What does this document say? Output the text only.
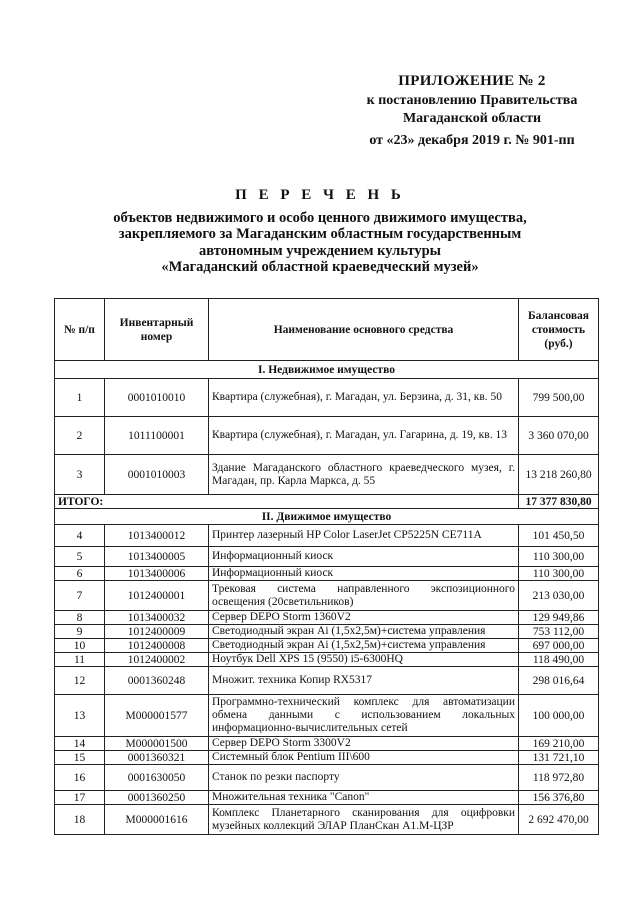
ПРИЛОЖЕНИЕ № 2
к постановлению Правительства
Магаданской области
от «23» декабря 2019 г. № 901-пп
П Е Р Е Ч Е Н Ь
объектов недвижимого и особо ценного движимого имущества,
закрепляемого за Магаданским областным государственным
автономным учреждением культуры
«Магаданский областной краеведческий музей»
№ п/п	Инвентарный номер	Наименование основного средства	Балансовая стоимость (руб.)
I. Недвижимое имущество			
1	0001010010	Квартира (служебная), г. Магадан, ул. Берзина, д. 31, кв. 50	799 500,00
2	1011100001	Квартира (служебная), г. Магадан, ул. Гагарина, д. 19, кв. 13	3 360 070,00
3	0001010003	Здание Магаданского областного краеведческого музея, г. Магадан, пр. Карла Маркса, д. 55	13 218 260,80
ИТОГО:			17 377 830,80
II. Движимое имущество			
4	1013400012	Принтер лазерный HP Color LaserJet CP5225N CE711A	101 450,50
5	1013400005	Информационный киоск	110 300,00
6	1013400006	Информационный киоск	110 300,00
7	1012400001	Трековая система направленного экспозиционного освещения (20светильников)	213 030,00
8	1013400032	Сервер DEPO Storm 1360V2	129 949,86
9	1012400009	Светодиодный экран Ai (1,5х2,5м)+система управления	753 112,00
10	1012400008	Светодиодный экран Ai (1,5х2,5м)+система управления	697 000,00
11	1012400002	Ноутбук Dell XPS 15 (9550) i5-6300HQ	118 490,00
12	0001360248	Множит. техника Копир RX5317	298 016,64
13	М000001577	Программно-технический комплекс для автоматизации обмена данными с использованием локальных информационно-вычислительных сетей	100 000,00
14	М000001500	Сервер DEPO Storm 3300V2	169 210,00
15	0001360321	Системный блок Pentium III\600	131 721,10
16	0001630050	Станок по резки паспорту	118 972,80
17	0001360250	Множительная техника "Canon"	156 376,80
18	М000001616	Комплекс Планетарного сканирования для оцифровки музейных коллекций ЭЛАР ПланСкан А1.М-ЦЗР	2 692 470,00
